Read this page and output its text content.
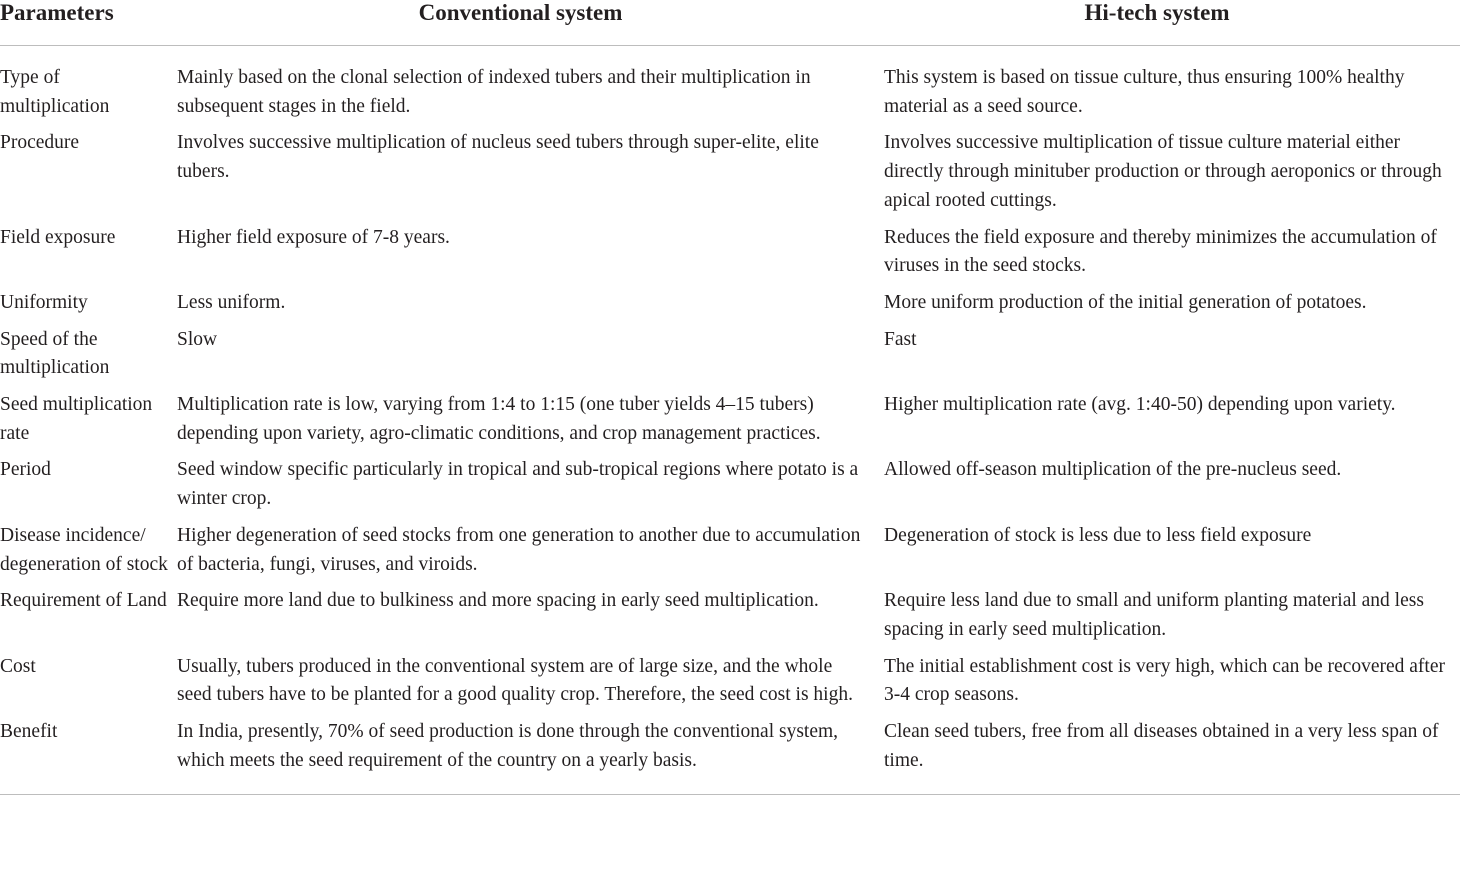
Parameters	Conventional system	Hi-tech system
Type of multiplication	Mainly based on the clonal selection of indexed tubers and their multiplication in subsequent stages in the field.	This system is based on tissue culture, thus ensuring 100% healthy material as a seed source.
Procedure	Involves successive multiplication of nucleus seed tubers through super-elite, elite tubers.	Involves successive multiplication of tissue culture material either directly through minituber production or through aeroponics or through apical rooted cuttings.
Field exposure	Higher field exposure of 7-8 years.	Reduces the field exposure and thereby minimizes the accumulation of viruses in the seed stocks.
Uniformity	Less uniform.	More uniform production of the initial generation of potatoes.
Speed of the multiplication	Slow	Fast
Seed multiplication rate	Multiplication rate is low, varying from 1:4 to 1:15 (one tuber yields 4–15 tubers) depending upon variety, agro-climatic conditions, and crop management practices.	Higher multiplication rate (avg. 1:40-50) depending upon variety.
Period	Seed window specific particularly in tropical and sub-tropical regions where potato is a winter crop.	Allowed off-season multiplication of the pre-nucleus seed.
Disease incidence/ degeneration of stock	Higher degeneration of seed stocks from one generation to another due to accumulation of bacteria, fungi, viruses, and viroids.	Degeneration of stock is less due to less field exposure
Requirement of Land	Require more land due to bulkiness and more spacing in early seed multiplication.	Require less land due to small and uniform planting material and less spacing in early seed multiplication.
Cost	Usually, tubers produced in the conventional system are of large size, and the whole seed tubers have to be planted for a good quality crop. Therefore, the seed cost is high.	The initial establishment cost is very high, which can be recovered after 3-4 crop seasons.
Benefit	In India, presently, 70% of seed production is done through the conventional system, which meets the seed requirement of the country on a yearly basis.	Clean seed tubers, free from all diseases obtained in a very less span of time.
